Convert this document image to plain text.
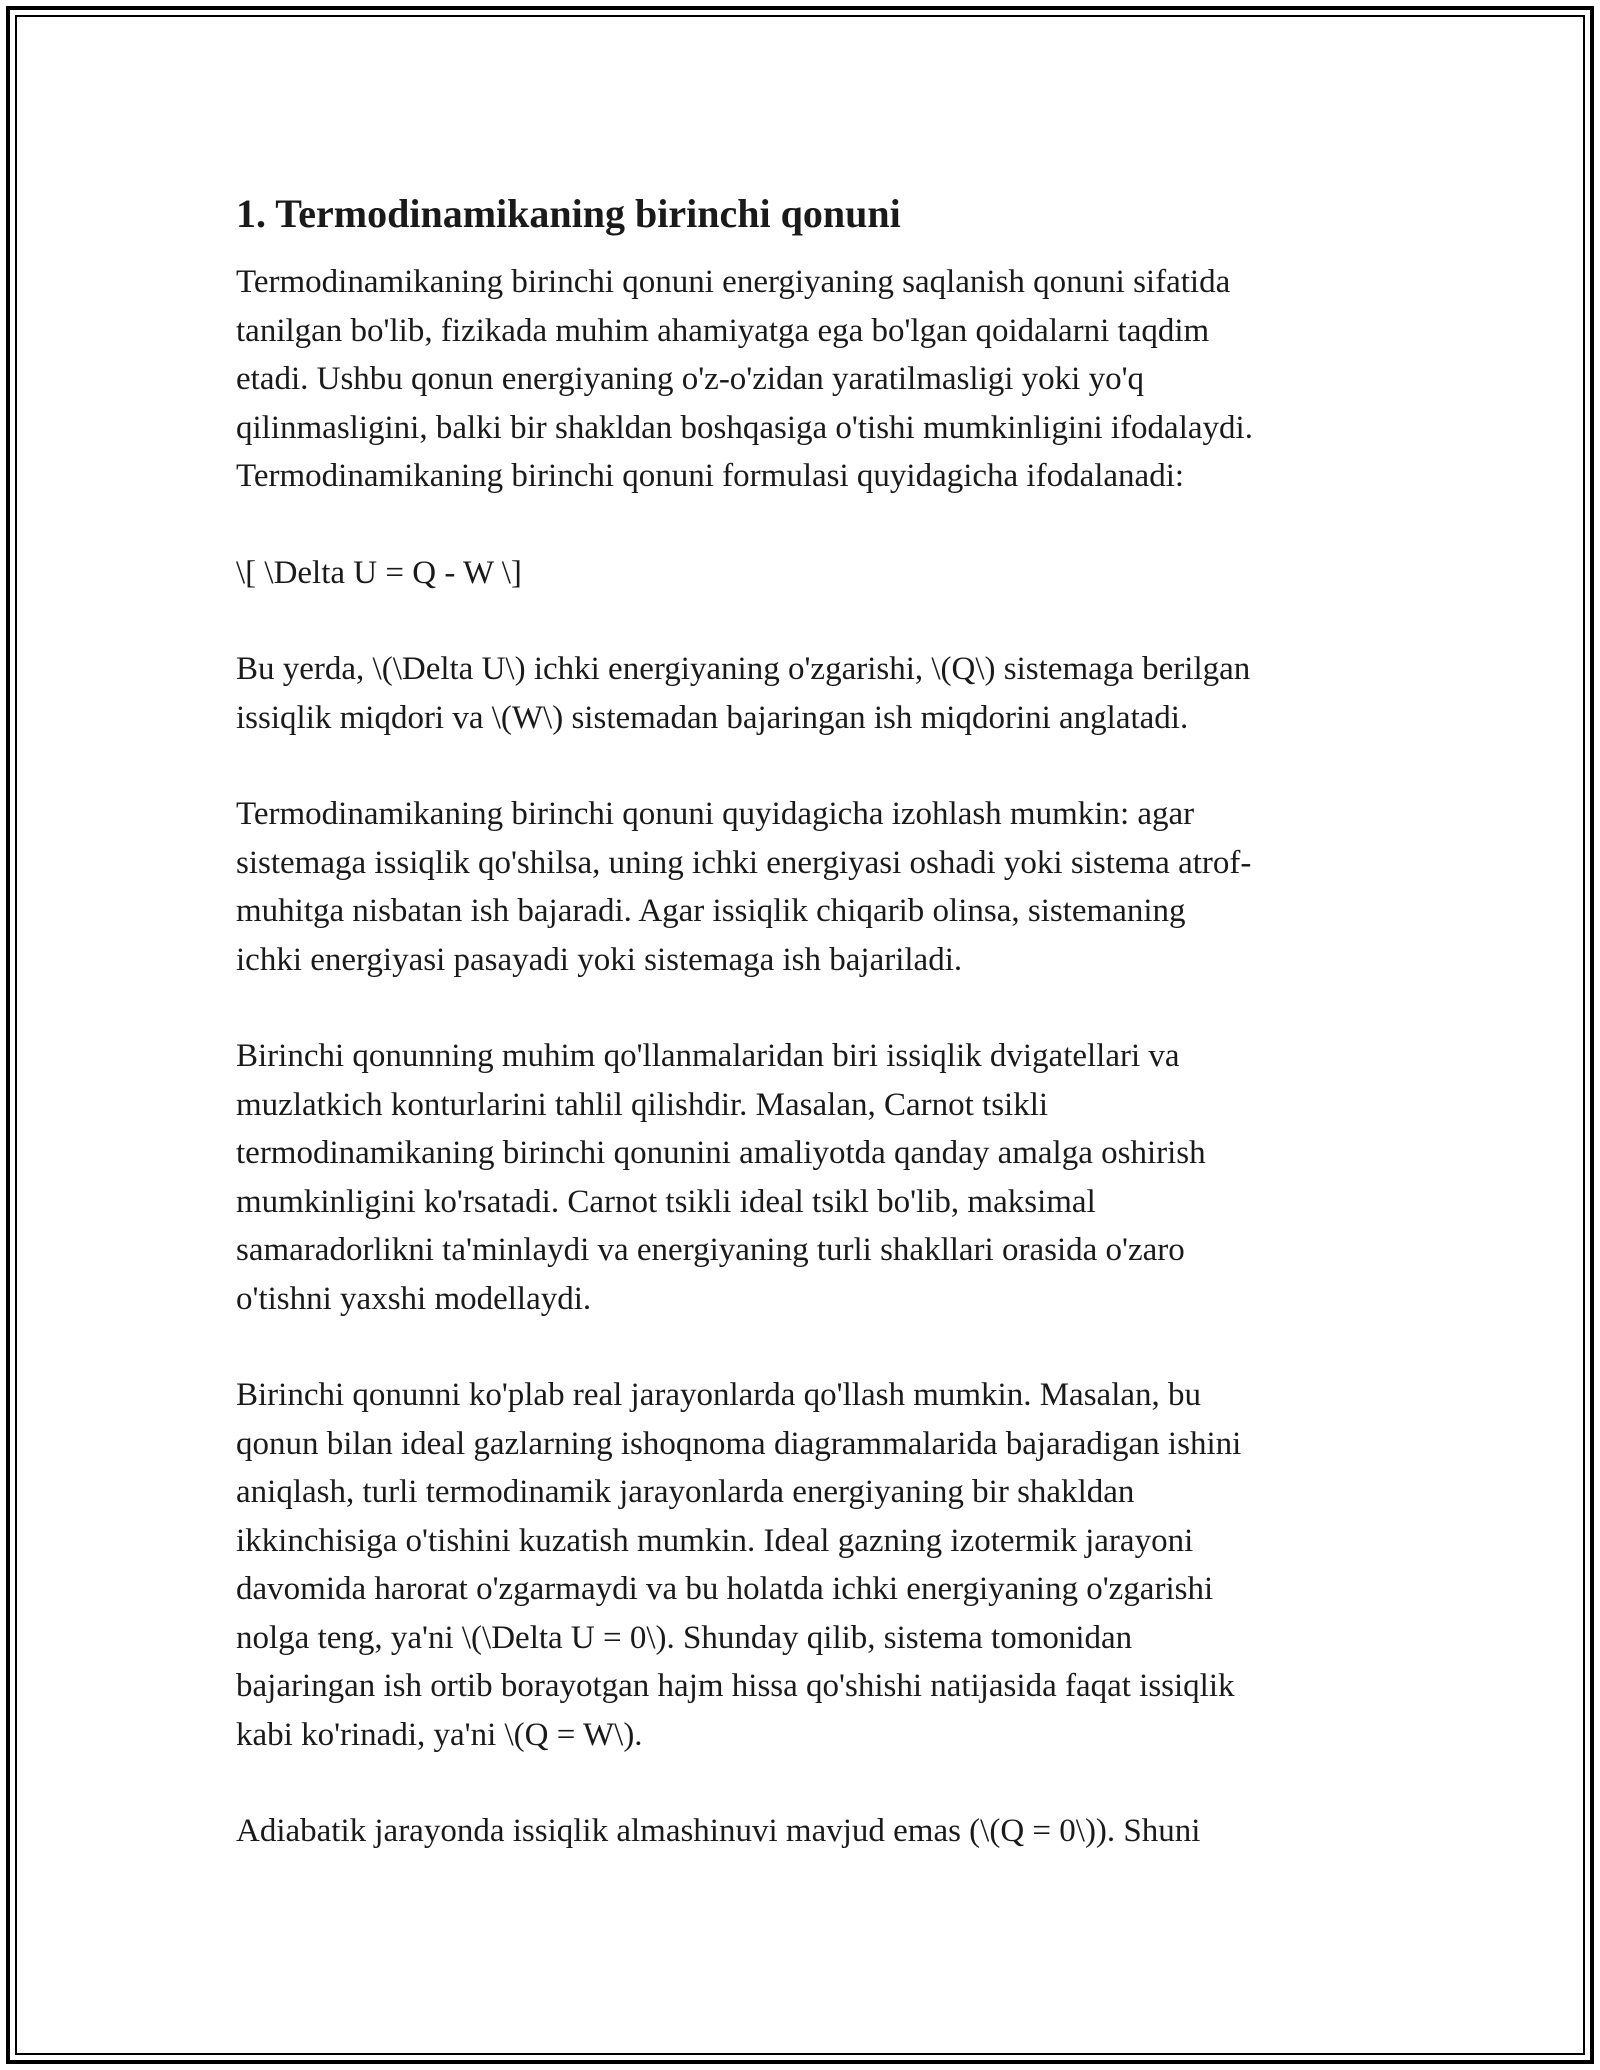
1. Termodinamikaning birinchi qonuni

Termodinamikaning birinchi qonuni energiyaning saqlanish qonuni sifatida
tanilgan bo'lib, fizikada muhim ahamiyatga ega bo'lgan qoidalarni taqdim
etadi. Ushbu qonun energiyaning o'z-o'zidan yaratilmasligi yoki yo'q
qilinmasligini, balki bir shakldan boshqasiga o'tishi mumkinligini ifodalaydi.
Termodinamikaning birinchi qonuni formulasi quyidagicha ifodalanadi:

\[ \Delta U = Q - W \]

Bu yerda, \(\Delta U\) ichki energiyaning o'zgarishi, \(Q\) sistemaga berilgan
issiqlik miqdori va \(W\) sistemadan bajaringan ish miqdorini anglatadi.

Termodinamikaning birinchi qonuni quyidagicha izohlash mumkin: agar
sistemaga issiqlik qo'shilsa, uning ichki energiyasi oshadi yoki sistema atrof-
muhitga nisbatan ish bajaradi. Agar issiqlik chiqarib olinsa, sistemaning
ichki energiyasi pasayadi yoki sistemaga ish bajariladi.

Birinchi qonunning muhim qo'llanmalaridan biri issiqlik dvigatellari va
muzlatkich konturlarini tahlil qilishdir. Masalan, Carnot tsikli
termodinamikaning birinchi qonunini amaliyotda qanday amalga oshirish
mumkinligini ko'rsatadi. Carnot tsikli ideal tsikl bo'lib, maksimal
samaradorlikni ta'minlaydi va energiyaning turli shakllari orasida o'zaro
o'tishni yaxshi modellaydi.

Birinchi qonunni ko'plab real jarayonlarda qo'llash mumkin. Masalan, bu
qonun bilan ideal gazlarning ishoqnoma diagrammalarida bajaradigan ishini
aniqlash, turli termodinamik jarayonlarda energiyaning bir shakldan
ikkinchisiga o'tishini kuzatish mumkin. Ideal gazning izotermik jarayoni
davomida harorat o'zgarmaydi va bu holatda ichki energiyaning o'zgarishi
nolga teng, ya'ni \(\Delta U = 0\). Shunday qilib, sistema tomonidan
bajaringan ish ortib borayotgan hajm hissa qo'shishi natijasida faqat issiqlik
kabi ko'rinadi, ya'ni \(Q = W\).

Adiabatik jarayonda issiqlik almashinuvi mavjud emas (\(Q = 0\)). Shuni
